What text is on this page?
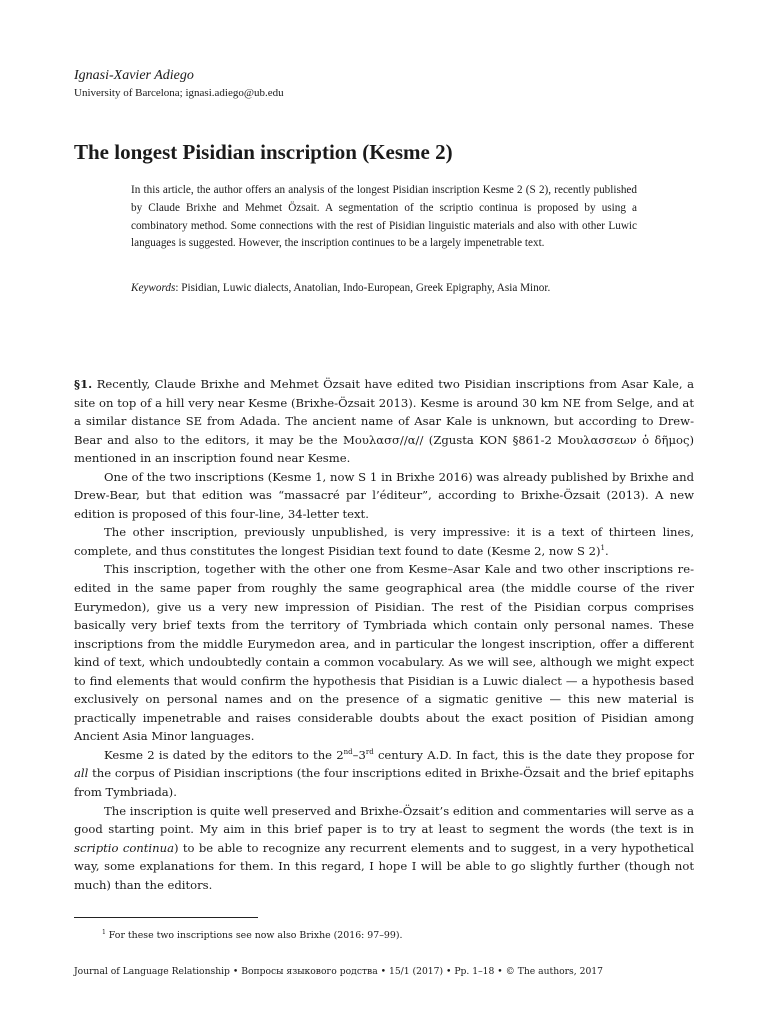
Ignasi-Xavier Adiego
University of Barcelona; ignasi.adiego@ub.edu
The longest Pisidian inscription (Kesme 2)

In this article, the author offers an analysis of the longest Pisidian inscription Kesme 2 (S 2), recently published by Claude Brixhe and Mehmet Özsait. A segmentation of the scriptio continua is proposed by using a combinatory method. Some connections with the rest of Pisidian linguistic materials and also with other Luwic languages is suggested. However, the inscription continues to be a largely impenetrable text.

Keywords: Pisidian, Luwic dialects, Anatolian, Indo-European, Greek Epigraphy, Asia Minor.

§1. Recently, Claude Brixhe and Mehmet Özsait have edited two Pisidian inscriptions from Asar Kale, a site on top of a hill very near Kesme (Brixhe-Özsait 2013). Kesme is around 30 km NE from Selge, and at a similar distance SE from Adada. The ancient name of Asar Kale is unknown, but according to Drew-Bear and also to the editors, it may be the Μουλασσ//α// (Zgusta KON §861-2 Μουλασσεων ὁ δῆμος) mentioned in an inscription found near Kesme.

One of the two inscriptions (Kesme 1, now S 1 in Brixhe 2016) was already published by Brixhe and Drew-Bear, but that edition was “massacré par l’éditeur”, according to Brixhe-Özsait (2013). A new edition is proposed of this four-line, 34-letter text.

The other inscription, previously unpublished, is very impressive: it is a text of thirteen lines, complete, and thus constitutes the longest Pisidian text found to date (Kesme 2, now S 2)$^1$.

This inscription, together with the other one from Kesme–Asar Kale and two other inscriptions re-edited in the same paper from roughly the same geographical area (the middle course of the river Eurymedon), give us a very new impression of Pisidian. The rest of the Pisidian corpus comprises basically very brief texts from the territory of Tymbriada which contain only personal names. These inscriptions from the middle Eurymedon area, and in particular the longest inscription, offer a different kind of text, which undoubtedly contain a common vocabulary. As we will see, although we might expect to find elements that would confirm the hypothesis that Pisidian is a Luwic dialect — a hypothesis based exclusively on personal names and on the presence of a sigmatic genitive — this new material is practically impenetrable and raises considerable doubts about the exact position of Pisidian among Ancient Asia Minor languages.

Kesme 2 is dated by the editors to the 2nd–3rd century A.D. In fact, this is the date they propose for all the corpus of Pisidian inscriptions (the four inscriptions edited in Brixhe-Özsait and the brief epitaphs from Tymbriada).

The inscription is quite well preserved and Brixhe-Özsait’s edition and commentaries will serve as a good starting point. My aim in this brief paper is to try at least to segment the words (the text is in scriptio continua) to be able to recognize any recurrent elements and to suggest, in a very hypothetical way, some explanations for them. In this regard, I hope I will be able to go slightly further (though not much) than the editors.

$^1$ For these two inscriptions see now also Brixhe (2016: 97–99).
Journal of Language Relationship • Вопросы языкового родства • 15/1 (2017) • Pp. 1–18 • © The authors, 2017
